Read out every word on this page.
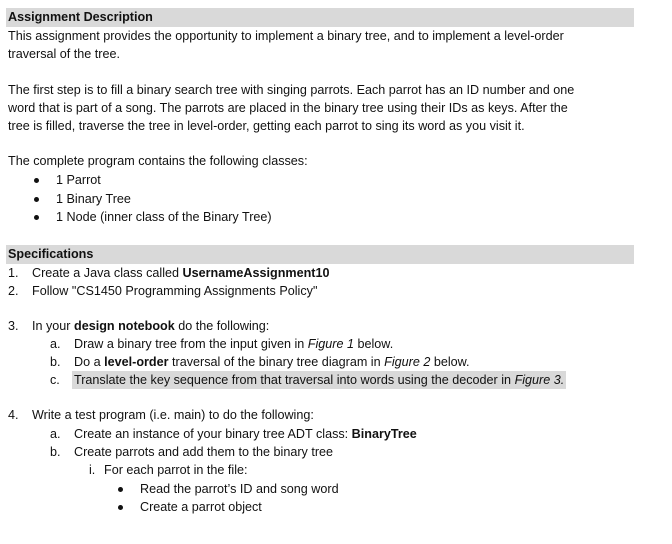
Assignment Description
This assignment provides the opportunity to implement a binary tree, and to implement a level-order
traversal of the tree.
The first step is to fill a binary search tree with singing parrots. Each parrot has an ID number and one
word that is part of a song. The parrots are placed in the binary tree using their IDs as keys. After the
tree is filled, traverse the tree in level-order, getting each parrot to sing its word as you visit it.
The complete program contains the following classes:
1 Parrot
1 Binary Tree
1 Node (inner class of the Binary Tree)
Specifications
1. Create a Java class called UsernameAssignment10
2. Follow "CS1450 Programming Assignments Policy"
3. In your design notebook do the following:
a. Draw a binary tree from the input given in Figure 1 below.
b. Do a level-order traversal of the binary tree diagram in Figure 2 below.
c. Translate the key sequence from that traversal into words using the decoder in Figure 3.
4. Write a test program (i.e. main) to do the following:
a. Create an instance of your binary tree ADT class: BinaryTree
b. Create parrots and add them to the binary tree
i. For each parrot in the file:
Read the parrot’s ID and song word
Create a parrot object
